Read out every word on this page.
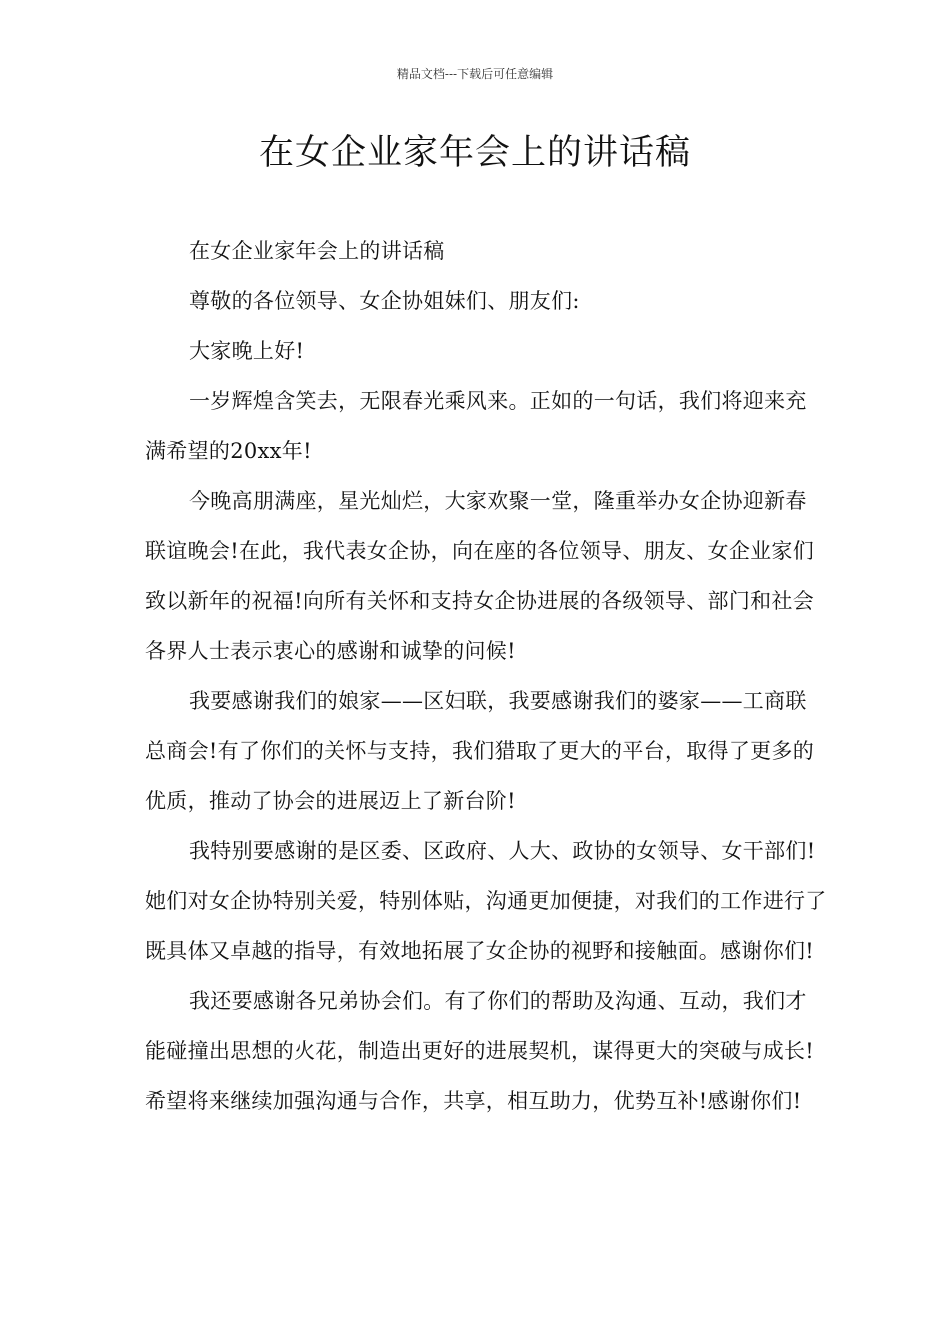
精品文档---下载后可任意编辑
在女企业家年会上的讲话稿

在女企业家年会上的讲话稿

尊敬的各位领导、女企协姐妹们、朋友们:

大家晚上好!

一岁辉煌含笑去，无限春光乘风来。正如的一句话，我们将迎来充满希望的20xx年!

今晚高朋满座，星光灿烂，大家欢聚一堂，隆重举办女企协迎新春联谊晚会!在此，我代表女企协，向在座的各位领导、朋友、女企业家们致以新年的祝福!向所有关怀和支持女企协进展的各级领导、部门和社会各界人士表示衷心的感谢和诚挚的问候!

我要感谢我们的娘家——区妇联，我要感谢我们的婆家——工商联总商会!有了你们的关怀与支持，我们猎取了更大的平台，取得了更多的优质，推动了协会的进展迈上了新台阶!

我特别要感谢的是区委、区政府、人大、政协的女领导、女干部们!她们对女企协特别关爱，特别体贴，沟通更加便捷，对我们的工作进行了既具体又卓越的指导，有效地拓展了女企协的视野和接触面。感谢你们!

我还要感谢各兄弟协会们。有了你们的帮助及沟通、互动，我们才能碰撞出思想的火花，制造出更好的进展契机，谋得更大的突破与成长!希望将来继续加强沟通与合作，共享，相互助力，优势互补!感谢你们!
